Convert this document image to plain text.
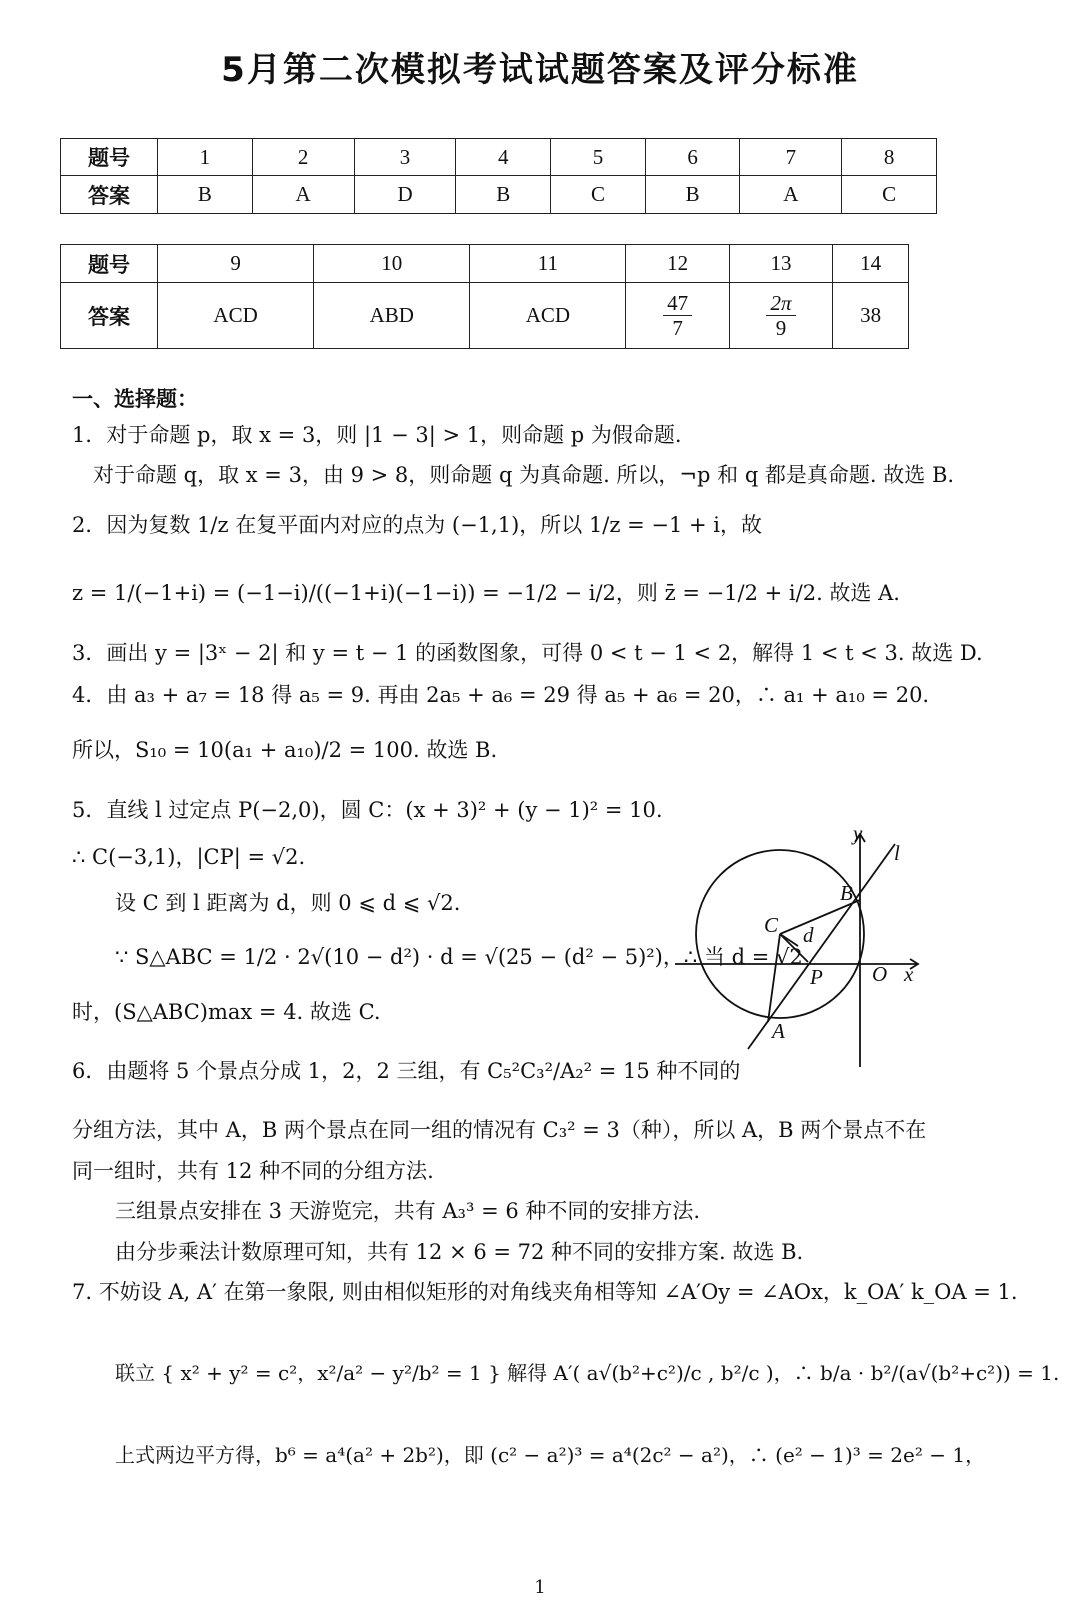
5月第二次模拟考试试题答案及评分标准
题号	1	2	3	4	5	6	7	8
答案	B	A	D	B	C	B	A	C
题号	9	10	11	12	13	14
答案	ACD	ABD	ACD	$\frac{47}{7}$	$\frac{2\pi}{9}$	38
一、选择题：
1．对于命题 p，取 x = 3，则 |1 − 3| > 1，则命题 p 为假命题.
对于命题 q，取 x = 3，由 9 > 8，则命题 q 为真命题. 所以，¬p 和 q 都是真命题. 故选 B.
2．因为复数 1/z 在复平面内对应的点为 (−1,1)，所以 1/z = −1 + i，故
z = 1/(−1+i) = (−1−i)/((−1+i)(−1−i)) = −1/2 − i/2，则 z̄ = −1/2 + i/2. 故选 A.
3．画出 y = |3ˣ − 2| 和 y = t − 1 的函数图象，可得 0 < t − 1 < 2，解得 1 < t < 3. 故选 D.
4．由 a₃ + a₇ = 18 得 a₅ = 9. 再由 2a₅ + a₆ = 29 得 a₅ + a₆ = 20，∴ a₁ + a₁₀ = 20.
所以，S₁₀ = 10(a₁ + a₁₀)/2 = 100. 故选 B.
5．直线 l 过定点 P(−2,0)，圆 C：(x + 3)² + (y − 1)² = 10.
∴ C(−3,1)，|CP| = √2.
设 C 到 l 距离为 d，则 0 ⩽ d ⩽ √2.
∵ S△ABC = 1/2 · 2√(10 − d²) · d = √(25 − (d² − 5)²)，∴ 当 d = √2
时，(S△ABC)max = 4. 故选 C.
6．由题将 5 个景点分成 1，2，2 三组，有 C₅²C₃²/A₂² = 15 种不同的
分组方法，其中 A，B 两个景点在同一组的情况有 C₃² = 3（种），所以 A，B 两个景点不在
同一组时，共有 12 种不同的分组方法.
三组景点安排在 3 天游览完，共有 A₃³ = 6 种不同的安排方法.
由分步乘法计数原理可知，共有 12 × 6 = 72 种不同的安排方案. 故选 B.
7. 不妨设 A, A′ 在第一象限, 则由相似矩形的对角线夹角相等知 ∠A′Oy = ∠AOx，k_OA′ k_OA = 1.
联立 { x² + y² = c²，x²/a² − y²/b² = 1 } 解得 A′( a√(b²+c²)/c , b²/c )，∴ b/a · b²/(a√(b²+c²)) = 1.
上式两边平方得，b⁶ = a⁴(a² + 2b²)，即 (c² − a²)³ = a⁴(2c² − a²)，∴ (e² − 1)³ = 2e² − 1，
y
l
B
C d
P O x
A
1
